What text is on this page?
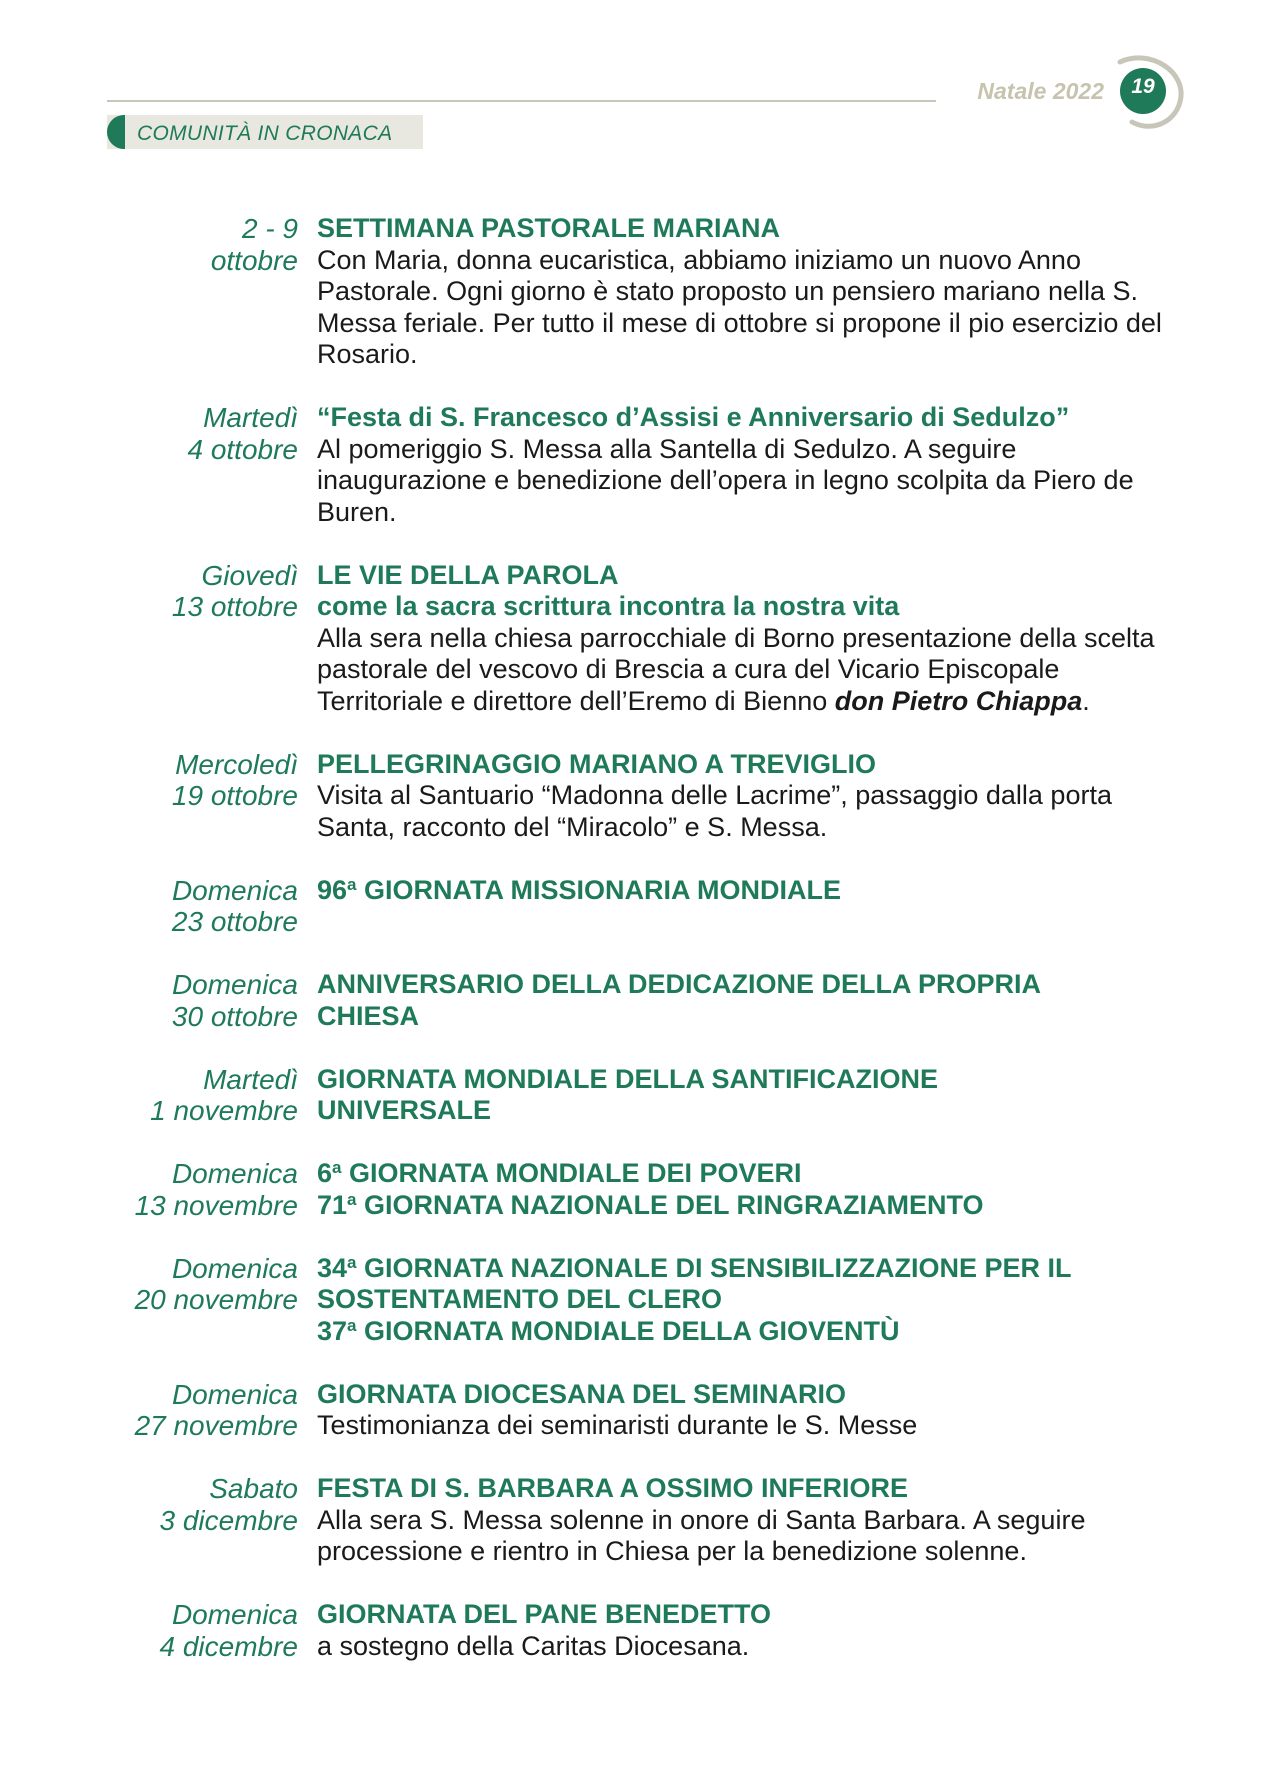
Natale 2022	19
COMUNITÀ IN CRONACA
2 - 9
ottobre
SETTIMANA PASTORALE MARIANA
Con Maria, donna eucaristica, abbiamo iniziamo un nuovo Anno Pastorale. Ogni giorno è stato proposto un pensiero mariano nella S. Messa feriale. Per tutto il mese di ottobre si propone il pio esercizio del Rosario.
Martedì
4 ottobre
“Festa di S. Francesco d’Assisi e Anniversario di Sedulzo”
Al pomeriggio S. Messa alla Santella di Sedulzo. A seguire inaugurazione e benedizione dell’opera in legno scolpita da Piero de Buren.
Giovedì
13 ottobre
LE VIE DELLA PAROLA
come la sacra scrittura incontra la nostra vita
Alla sera nella chiesa parrocchiale di Borno presentazione della scelta pastorale del vescovo di Brescia a cura del Vicario Episcopale Territoriale e direttore dell’Eremo di Bienno don Pietro Chiappa.
Mercoledì
19 ottobre
PELLEGRINAGGIO MARIANO A TREVIGLIO
Visita al Santuario “Madonna delle Lacrime”, passaggio dalla porta Santa, racconto del “Miracolo” e S. Messa.
Domenica
23 ottobre
96$^a$ GIORNATA MISSIONARIA MONDIALE
Domenica
30 ottobre
ANNIVERSARIO DELLA DEDICAZIONE DELLA PROPRIA CHIESA
Martedì
1 novembre
GIORNATA MONDIALE DELLA SANTIFICAZIONE UNIVERSALE
Domenica
13 novembre
6$^a$ GIORNATA MONDIALE DEI POVERI
71$^a$ GIORNATA NAZIONALE DEL RINGRAZIAMENTO
Domenica
20 novembre
34$^a$ GIORNATA NAZIONALE DI SENSIBILIZZAZIONE PER IL SOSTENTAMENTO DEL CLERO
37$^a$ GIORNATA MONDIALE DELLA GIOVENTÙ
Domenica
27 novembre
GIORNATA DIOCESANA DEL SEMINARIO
Testimonianza dei seminaristi durante le S. Messe
Sabato
3 dicembre
FESTA DI S. BARBARA A OSSIMO INFERIORE
Alla sera S. Messa solenne in onore di Santa Barbara. A seguire processione e rientro in Chiesa per la benedizione solenne.
Domenica
4 dicembre
GIORNATA DEL PANE BENEDETTO
a sostegno della Caritas Diocesana.
